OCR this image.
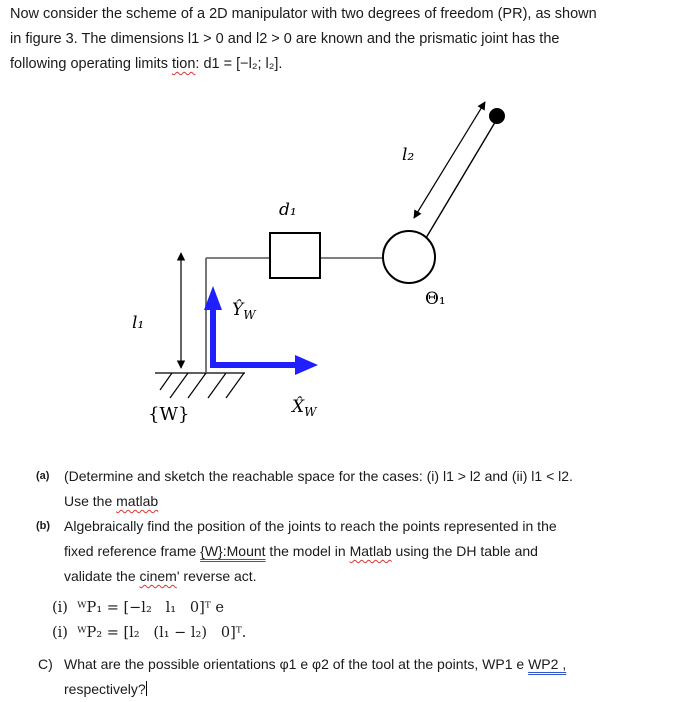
Now consider the scheme of a 2D manipulator with two degrees of freedom (PR), as shown

in figure 3. The dimensions l1 > 0 and l2 > 0 are known and the prismatic joint has the

following operating limits tion: d1 = [−l₂; l₂].

l₁
l₂
d₁
Θ₁
$Ŷ_W$
$X̂_W$
{W}
(a) (Determine and sketch the reachable space for the cases: (i) l1 > l2 and (ii) l1 < l2.
Use the matlab
(b) Algebraically find the position of the joints to reach the points represented in the
fixed reference frame {W}:Mount the model in Matlab using the DH table and
validate the cinem' reverse act.
(i)  ᵂP₁ = [−l₂   l₁   0]ᵀ e
(i)  ᵂP₂ = [l₂   (l₁ − l₂)   0]ᵀ.
C) What are the possible orientations φ1 e φ2 of the tool at the points, WP1 e WP2 ,
respectively?
